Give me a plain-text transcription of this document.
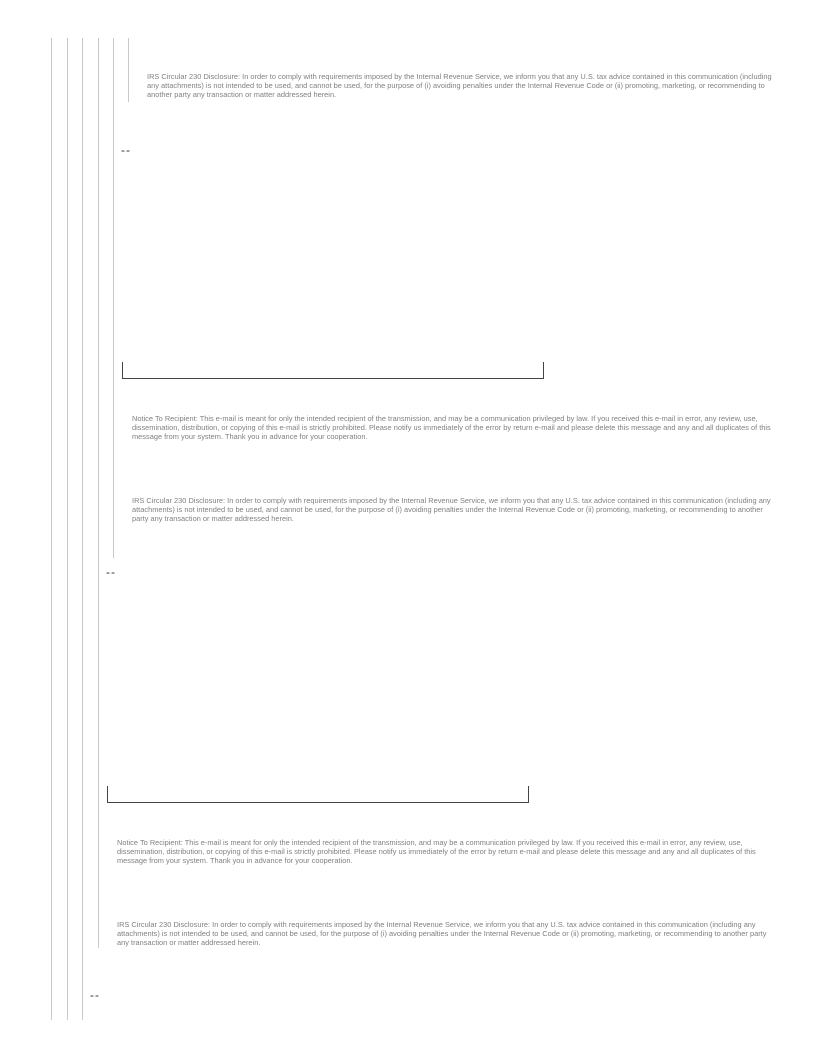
IRS Circular 230 Disclosure: In order to comply with requirements imposed by the Internal Revenue Service, we inform you that any U.S. tax advice contained in this communication (including any attachments) is not intended to be used, and cannot be used, for the purpose of (i) avoiding penalties under the Internal Revenue Code or (ii) promoting, marketing, or recommending to another party any transaction or matter addressed herein.
--
Notice To Recipient: This e-mail is meant for only the intended recipient of the transmission, and may be a communication privileged by law. If you received this e-mail in error, any review, use, dissemination, distribution, or copying of this e-mail is strictly prohibited. Please notify us immediately of the error by return e-mail and please delete this message and any and all duplicates of this message from your system. Thank you in advance for your cooperation.
IRS Circular 230 Disclosure: In order to comply with requirements imposed by the Internal Revenue Service, we inform you that any U.S. tax advice contained in this communication (including any attachments) is not intended to be used, and cannot be used, for the purpose of (i) avoiding penalties under the Internal Revenue Code or (ii) promoting, marketing, or recommending to another party any transaction or matter addressed herein.
--
Notice To Recipient: This e-mail is meant for only the intended recipient of the transmission, and may be a communication privileged by law. If you received this e-mail in error, any review, use, dissemination, distribution, or copying of this e-mail is strictly prohibited. Please notify us immediately of the error by return e-mail and please delete this message and any and all duplicates of this message from your system. Thank you in advance for your cooperation.
IRS Circular 230 Disclosure: In order to comply with requirements imposed by the Internal Revenue Service, we inform you that any U.S. tax advice contained in this communication (including any attachments) is not intended to be used, and cannot be used, for the purpose of (i) avoiding penalties under the Internal Revenue Code or (ii) promoting, marketing, or recommending to another party any transaction or matter addressed herein.
--
